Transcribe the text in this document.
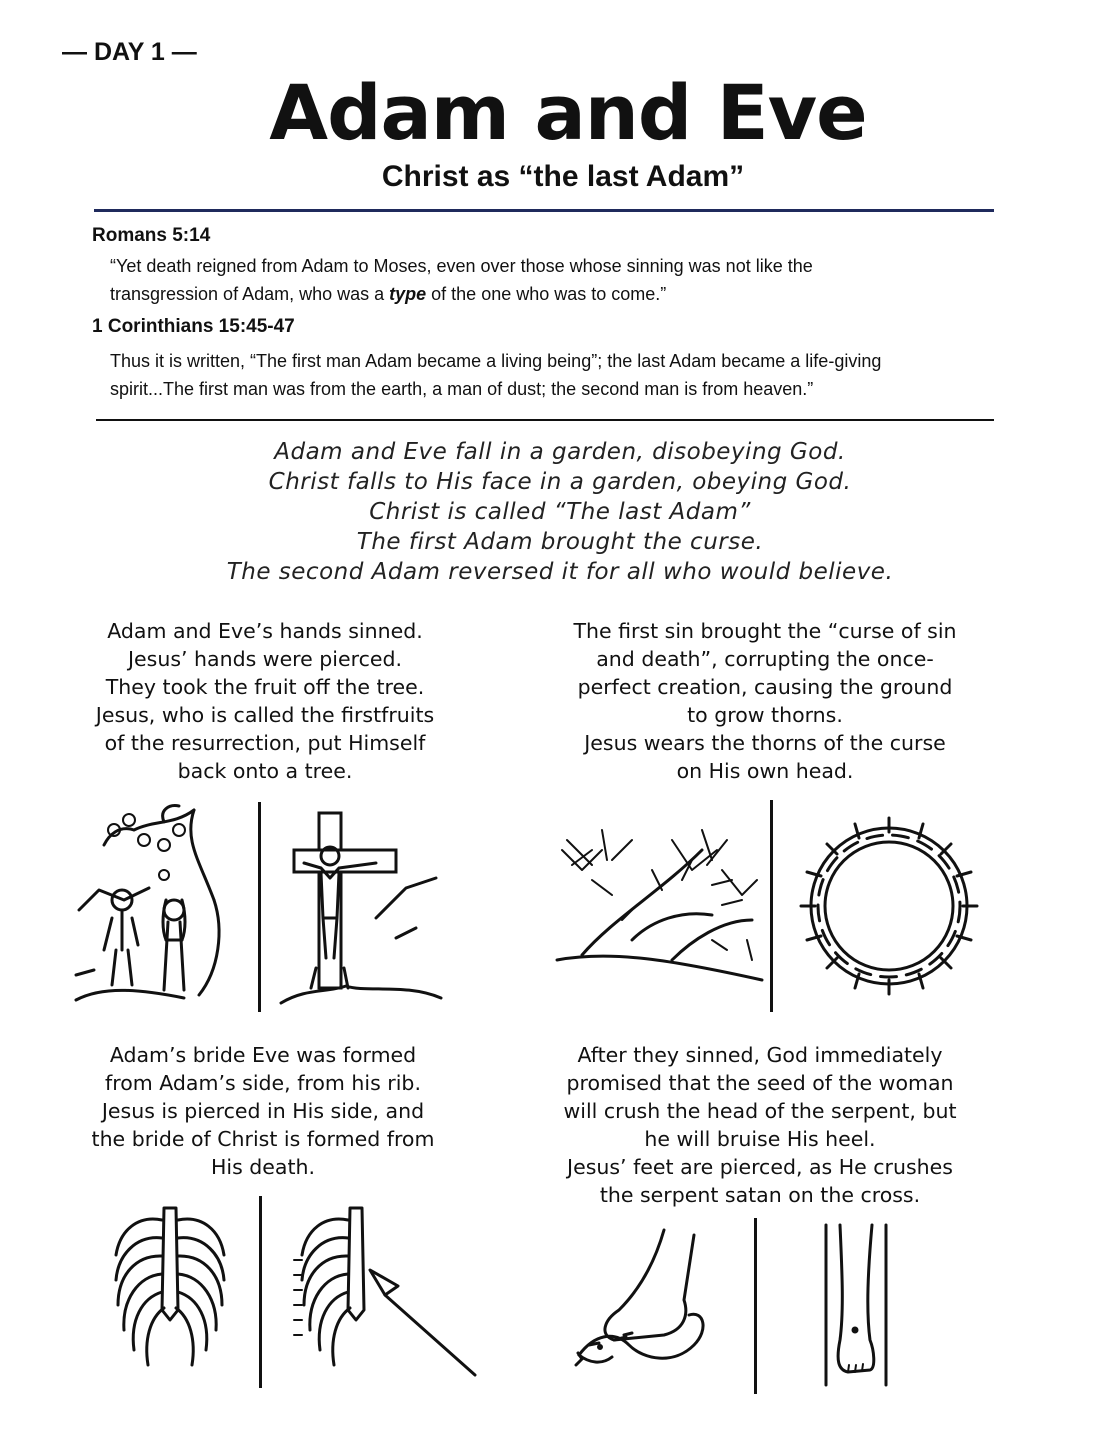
— DAY 1 —
Adam and Eve
Christ as “the last Adam”
Romans 5:14
“Yet death reigned from Adam to Moses, even over those whose sinning was not like the
transgression of Adam, who was a type of the one who was to come.”
1 Corinthians 15:45-47
Thus it is written, “The first man Adam became a living being”; the last Adam became a life-giving
spirit...The first man was from the earth, a man of dust; the second man is from heaven.”
Adam and Eve fall in a garden, disobeying God.
Christ falls to His face in a garden, obeying God.
Christ is called “The last Adam”
The first Adam brought the curse.
The second Adam reversed it for all who would believe.
Adam and Eve’s hands sinned.
Jesus’ hands were pierced.
They took the fruit off the tree.
Jesus, who is called the firstfruits
of the resurrection, put Himself
back onto a tree.
The first sin brought the “curse of sin
and death”, corrupting the once-
perfect creation, causing the ground
to grow thorns.
Jesus wears the thorns of the curse
on His own head.
Adam’s bride Eve was formed
from Adam’s side, from his rib.
Jesus is pierced in His side, and
the bride of Christ is formed from
His death.
After they sinned, God immediately
promised that the seed of the woman
will crush the head of the serpent, but
he will bruise His heel.
Jesus’ feet are pierced, as He crushes
the serpent satan on the cross.
